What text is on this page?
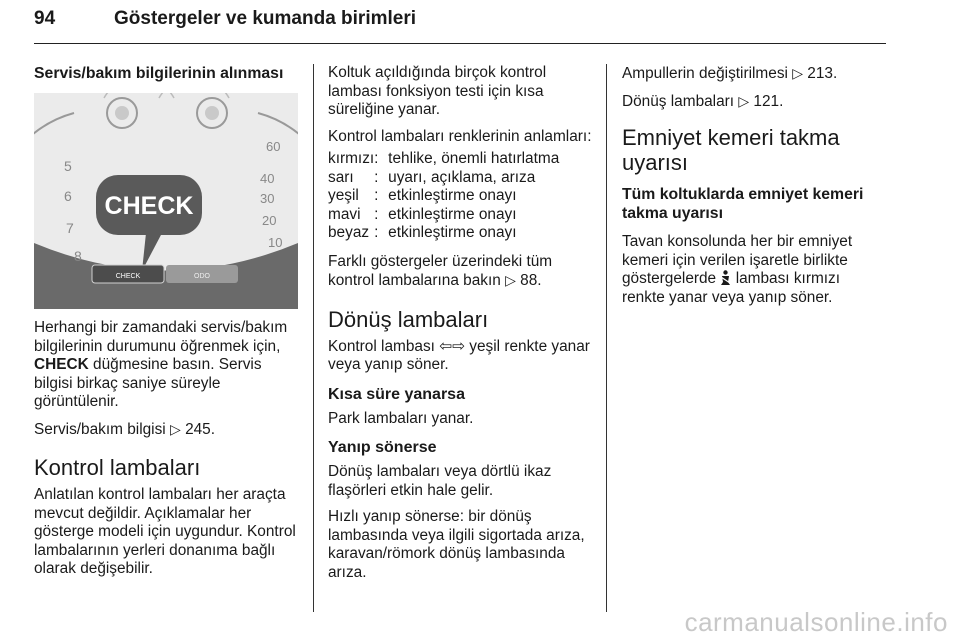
94	Göstergeler ve kumanda birimleri
Servis/bakım bilgilerinin alınması
5
6
7
8
60
40
30
20
10
CHECK
CHECK	ODO

Herhangi bir zamandaki servis/bakım bilgilerinin durumunu öğrenmek için, CHECK düğmesine basın. Servis bilgisi birkaç saniye süreyle görüntülenir.

Servis/bakım bilgisi ▷ 245.

Kontrol lambaları

Anlatılan kontrol lambaları her araçta mevcut değildir. Açıklamalar her gösterge modeli için uygundur. Kontrol lambalarının yerleri donanıma bağlı olarak değişebilir.

Koltuk açıldığında birçok kontrol lambası fonksiyon testi için kısa süreliğine yanar.

Kontrol lambaları renklerinin anlamları:

kırmızı	:	tehlike, önemli hatırlatma
sarı	:	uyarı, açıklama, arıza
yeşil	:	etkinleştirme onayı
mavi	:	etkinleştirme onayı
beyaz	:	etkinleştirme onayı

Farklı göstergeler üzerindeki tüm kontrol lambalarına bakın ▷ 88.

Dönüş lambaları

Kontrol lambası ⇦⇨ yeşil renkte yanar veya yanıp söner.

Kısa süre yanarsa

Park lambaları yanar.

Yanıp sönerse

Dönüş lambaları veya dörtlü ikaz flaşörleri etkin hale gelir.

Hızlı yanıp sönerse: bir dönüş lambasında veya ilgili sigortada arıza, karavan/römork dönüş lambasında arıza.

Ampullerin değiştirilmesi ▷ 213.

Dönüş lambaları ▷ 121.

Emniyet kemeri takma uyarısı
Tüm koltuklarda emniyet kemeri takma uyarısı

Tavan konsolunda her bir emniyet kemeri için verilen işaretle birlikte göstergelerde lambası kırmızı renkte yanar veya yanıp söner.

carmanualsonline.info
